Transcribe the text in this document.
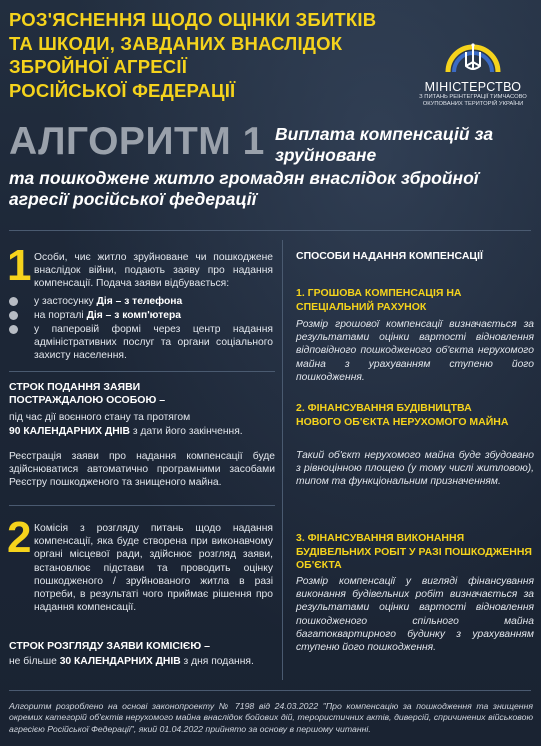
РОЗ'ЯСНЕННЯ ЩОДО ОЦІНКИ ЗБИТКІВ
ТА ШКОДИ, ЗАВДАНИХ ВНАСЛІДОК
ЗБРОЙНОЇ АГРЕСІЇ
РОСІЙСЬКОЇ ФЕДЕРАЦІЇ	МІНІСТЕРСТВО
З ПИТАНЬ РЕІНТЕГРАЦІЇ ТИМЧАСОВО
ОКУПОВАНИХ ТЕРИТОРІЙ УКРАЇНИ
АЛГОРИТМ 1 Виплата компенсацій за зруйноване
та пошкоджене житло громадян внаслідок збройної агресії російської федерації
1 Особи, чиє житло зруйноване чи пошкоджене внаслідок війни, подають заяву про надання компенсації. Подача заяви відбувається:
у застосунку Дія – з телефона
на порталі Дія – з комп'ютера
у паперовій формі через центр надання адміністративних послуг та органи соціального захисту населення.
СТРОК ПОДАННЯ ЗАЯВИ
ПОСТРАЖДАЛОЮ ОСОБОЮ –
під час дії воєнного стану та протягом
90 КАЛЕНДАРНИХ ДНІВ з дати його закінчення.
Реєстрація заяви про надання компенсації буде здійснюватися автоматично програмними засобами Реєстру пошкодженого та знищеного майна.
2 Комісія з розгляду питань щодо надання компенсації, яка буде створена при виконавчому органі місцевої ради, здійснює розгляд заяви, встановлює підстави та проводить оцінку пошкодженого / зруйнованого житла в разі потреби, в результаті чого приймає рішення про надання компенсації.
СТРОК РОЗГЛЯДУ ЗАЯВИ КОМІСІЄЮ –
не більше 30 КАЛЕНДАРНИХ ДНІВ з дня подання.
СПОСОБИ НАДАННЯ КОМПЕНСАЦІЇ
1. ГРОШОВА КОМПЕНСАЦІЯ НА СПЕЦІАЛЬНИЙ РАХУНОК
Розмір грошової компенсації визначається за результатами оцінки вартості відновлення відповідного пошкодженого об'єкта нерухомого майна з урахуванням ступеню його пошкодження.
2. ФІНАНСУВАННЯ БУДІВНИЦТВА НОВОГО ОБ'ЄКТА НЕРУХОМОГО МАЙНА
Такий об'єкт нерухомого майна буде збудовано з рівноцінною площею (у тому числі житловою), типом та функціональним призначенням.
3. ФІНАНСУВАННЯ ВИКОНАННЯ БУДІВЕЛЬНИХ РОБІТ У РАЗІ ПОШКОДЖЕННЯ ОБ'ЄКТА
Розмір компенсації у вигляді фінансування виконання будівельних робіт визначається за результатами оцінки вартості відновлення пошкодженого спільного майна багатоквартирного будинку з урахуванням ступеню його пошкодження.
Алгоритм розроблено на основі законопроекту № 7198 від 24.03.2022 "Про компенсацію за пошкодження та знищення окремих категорій об'єктів нерухомого майна внаслідок бойових дій, терористичних актів, диверсій, спричинених військовою агресією Російської Федерації", який 01.04.2022 прийнято за основу в першому читанні.
